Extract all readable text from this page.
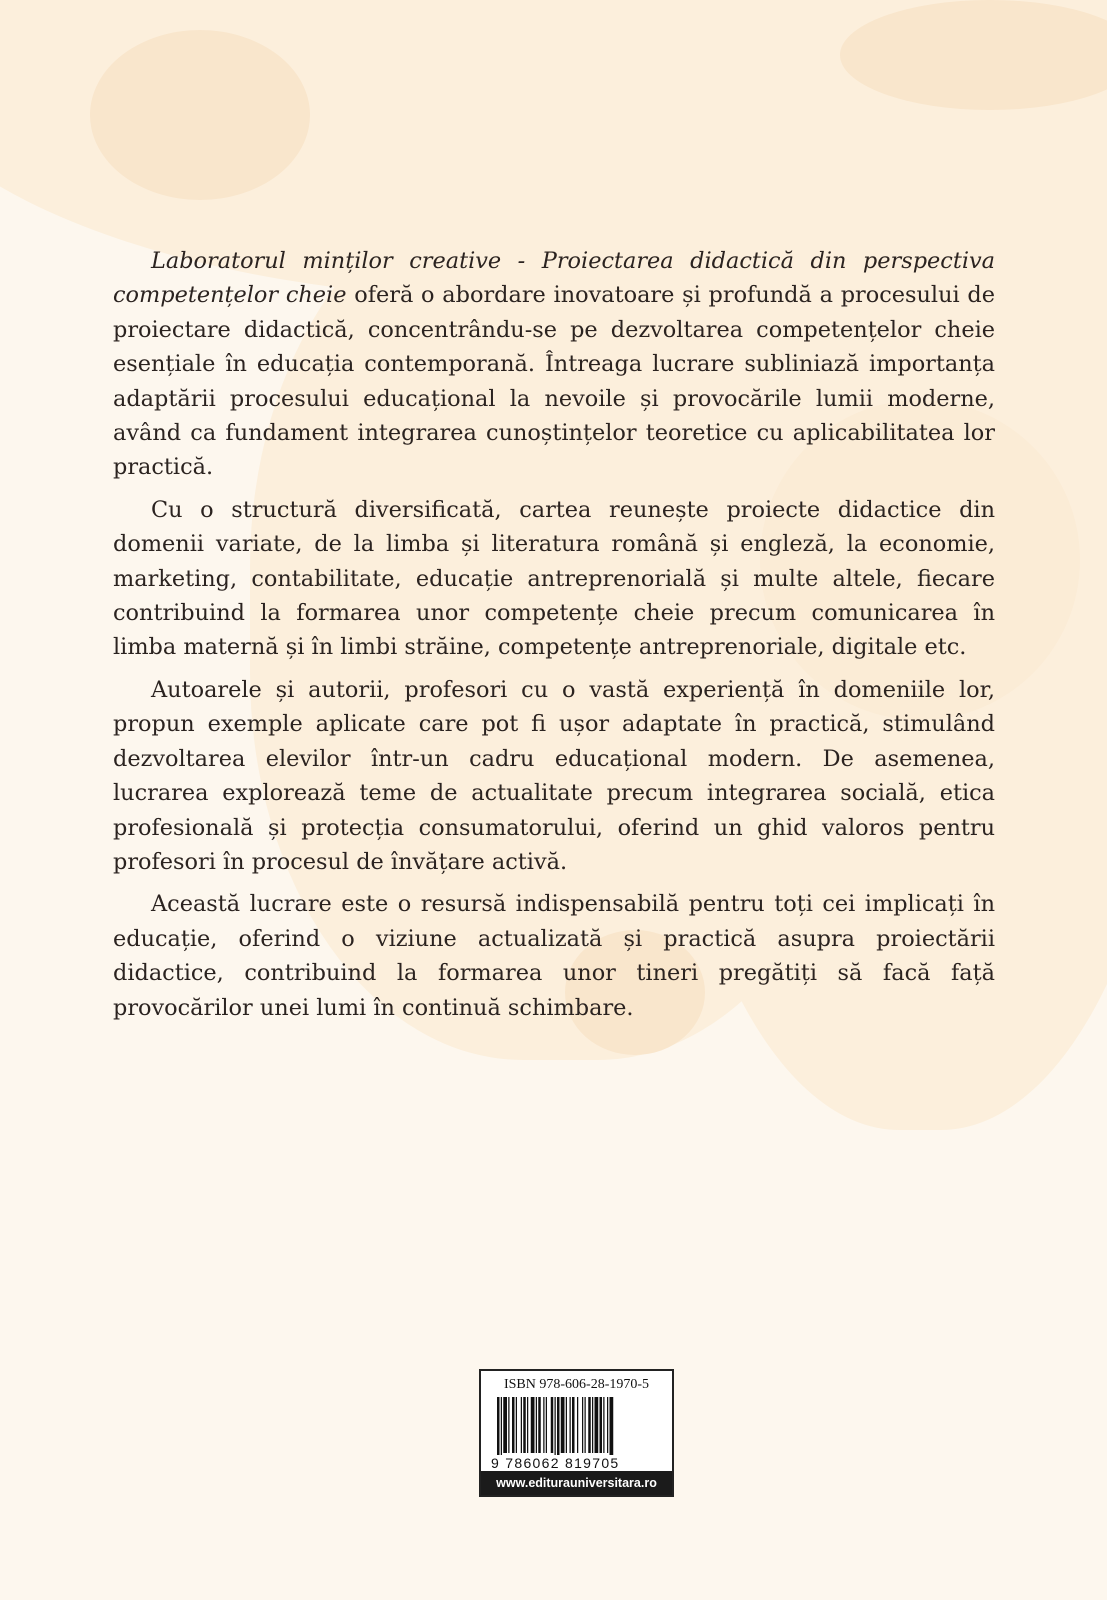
Laboratorul minților creative - Proiectarea didactică din perspectiva competențelor cheie oferă o abordare inovatoare și profundă a procesului de proiectare didactică, concentrându-se pe dezvoltarea competențelor cheie esențiale în educația contemporană. Întreaga lucrare subliniază importanța adaptării procesului educațional la nevoile și provocările lumii moderne, având ca fundament integrarea cunoștințelor teoretice cu aplicabilitatea lor practică.

Cu o structură diversificată, cartea reunește proiecte didactice din domenii variate, de la limba și literatura română și engleză, la economie, marketing, contabilitate, educație antreprenorială și multe altele, fiecare contribuind la formarea unor competențe cheie precum comunicarea în limba maternă și în limbi străine, competențe antreprenoriale, digitale etc.

Autoarele și autorii, profesori cu o vastă experiență în domeniile lor, propun exemple aplicate care pot fi ușor adaptate în practică, stimulând dezvoltarea elevilor într-un cadru educațional modern. De asemenea, lucrarea explorează teme de actualitate precum integrarea socială, etica profesională și protecția consumatorului, oferind un ghid valoros pentru profesori în procesul de învățare activă.

Această lucrare este o resursă indispensabilă pentru toți cei implicați în educație, oferind o viziune actualizată și practică asupra proiectării didactice, contribuind la formarea unor tineri pregătiți să facă față provocărilor unei lumi în continuă schimbare.

ISBN 978-606-28-1970-5
9 786062 819705
www.editurauniversitara.ro
